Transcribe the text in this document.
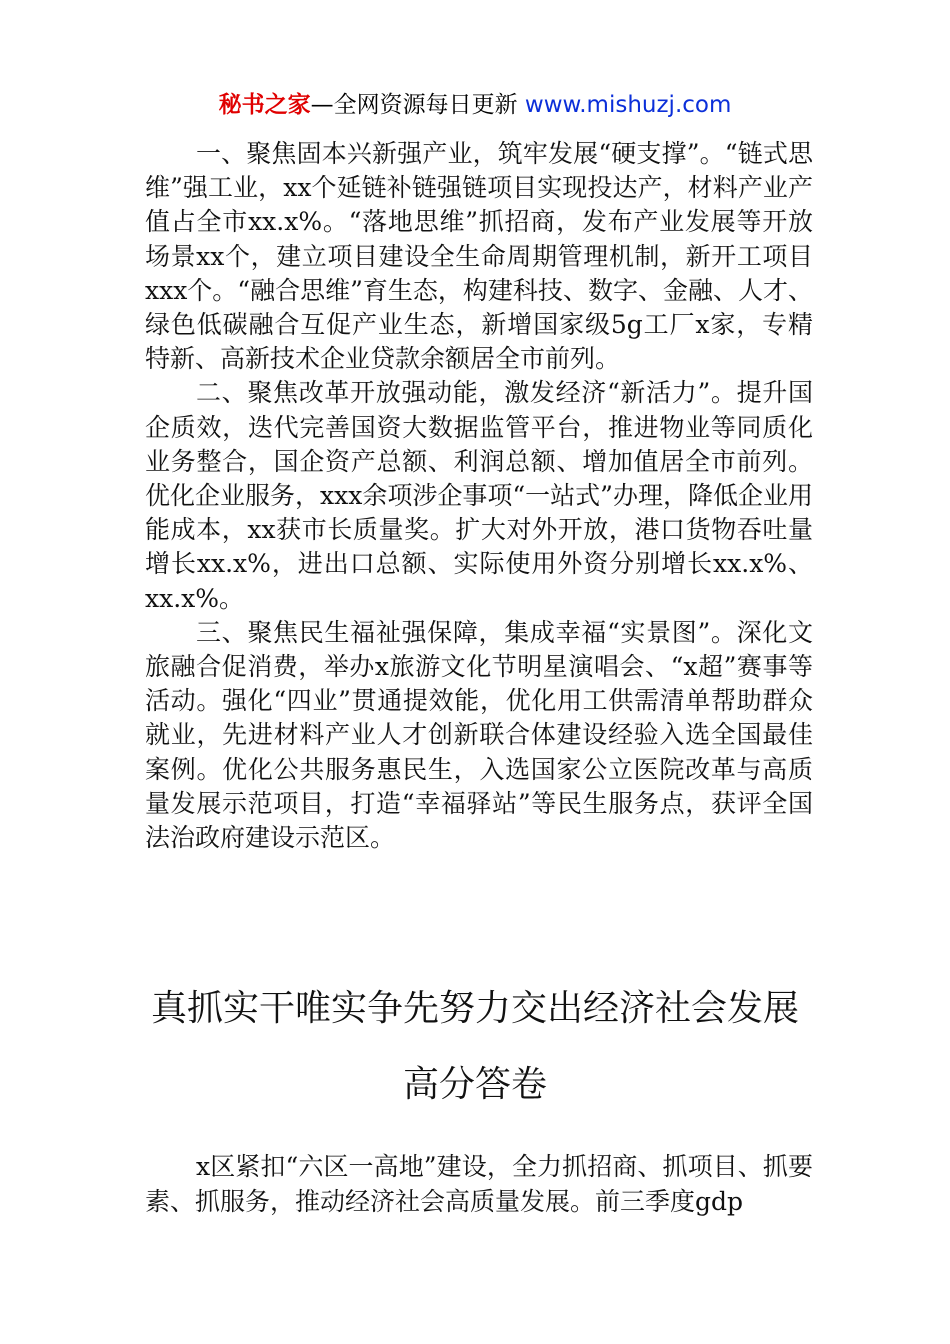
秘书之家—全网资源每日更新 www.mishuzj.com

一、聚焦固本兴新强产业，筑牢发展“硬支撑”。“链式思维”强工业，xx个延链补链强链项目实现投达产，材料产业产值占全市xx.x%。“落地思维”抓招商，发布产业发展等开放场景xx个，建立项目建设全生命周期管理机制，新开工项目xxx个。“融合思维”育生态，构建科技、数字、金融、人才、绿色低碳融合互促产业生态，新增国家级5g工厂x家，专精特新、高新技术企业贷款余额居全市前列。

二、聚焦改革开放强动能，激发经济“新活力”。提升国企质效，迭代完善国资大数据监管平台，推进物业等同质化业务整合，国企资产总额、利润总额、增加值居全市前列。优化企业服务，xxx余项涉企事项“一站式”办理，降低企业用能成本，xx获市长质量奖。扩大对外开放，港口货物吞吐量增长xx.x%，进出口总额、实际使用外资分别增长xx.x%、xx.x%。

三、聚焦民生福祉强保障，集成幸福“实景图”。深化文旅融合促消费，举办x旅游文化节明星演唱会、“x超”赛事等活动。强化“四业”贯通提效能，优化用工供需清单帮助群众就业，先进材料产业人才创新联合体建设经验入选全国最佳案例。优化公共服务惠民生，入选国家公立医院改革与高质量发展示范项目，打造“幸福驿站”等民生服务点，获评全国法治政府建设示范区。

真抓实干唯实争先努力交出经济社会发展
高分答卷

x区紧扣“六区一高地”建设，全力抓招商、抓项目、抓要素、抓服务，推动经济社会高质量发展。前三季度gdp
